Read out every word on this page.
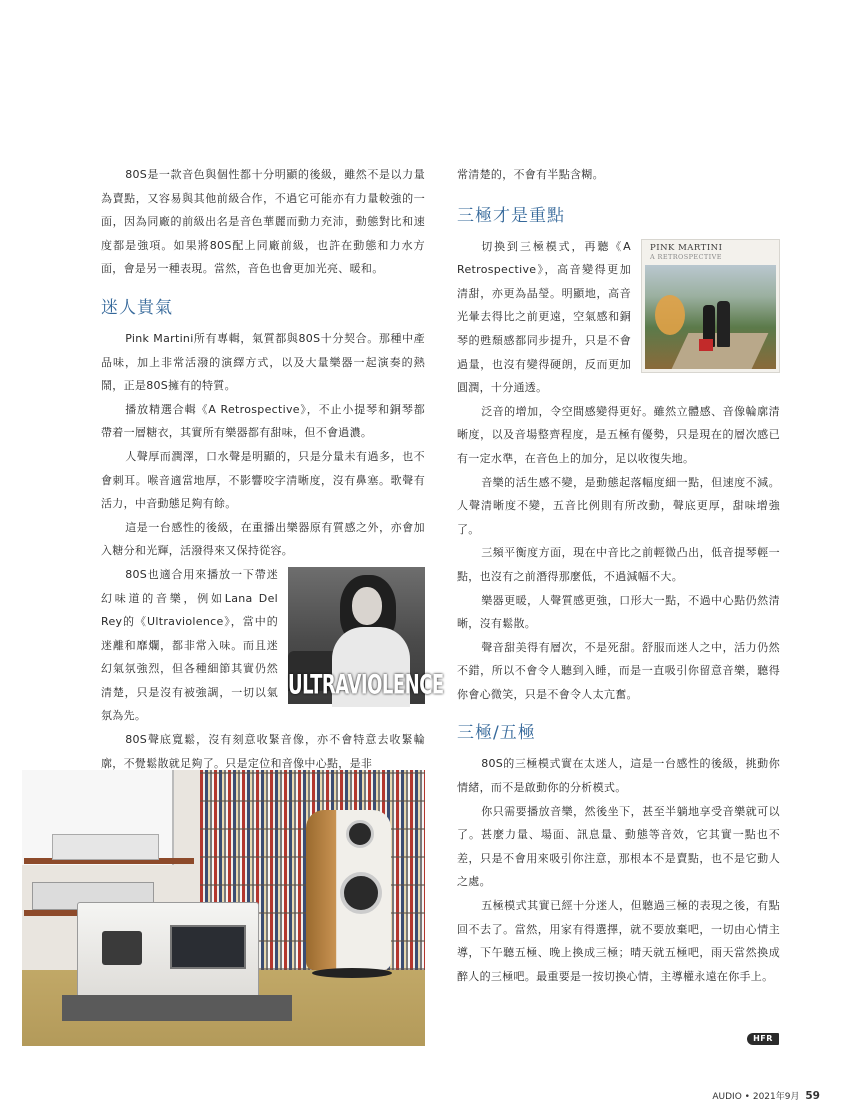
80S是一款音色與個性都十分明顯的後級，雖然不是以力量為賣點，又容易與其他前級合作，不過它可能亦有力量較強的一面，因為同廠的前級出名是音色華麗而動力充沛，動態對比和速度都是強項。如果將80S配上同廠前級，也許在動態和力水方面，會是另一種表現。當然，音色也會更加光亮、暖和。

迷人貴氣

Pink Martini所有專輯，氣質都與80S十分契合。那種中產品味，加上非常活潑的演繹方式，以及大量樂器一起演奏的熱鬧，正是80S擁有的特質。

播放精選合輯《A Retrospective》，不止小提琴和銅琴都帶着一層糖衣，其實所有樂器都有甜味，但不會過濃。

人聲厚而潤澤，口水聲是明顯的，只是分量未有過多，也不會刺耳。喉音適當地厚，不影響咬字清晰度，沒有鼻塞。歌聲有活力，中音動態足夠有餘。

這是一台感性的後級，在重播出樂器原有質感之外，亦會加入糖分和光輝，活潑得來又保持從容。

ULTRAVIOLENCE

80S也適合用來播放一下帶迷幻味道的音樂，例如Lana Del Rey的《Ultraviolence》，當中的迷離和靡爛，都非常入味。而且迷幻氣氛強烈，但各種細節其實仍然清楚，只是沒有被強調，一切以氣氛為先。

80S聲底寬鬆，沒有刻意收緊音像，亦不會特意去收緊輪廓，不覺鬆散就足夠了。只是定位和音像中心點，是非

常清楚的，不會有半點含糊。

三極才是重點
PINK MARTINI
A RETROSPECTIVE

切換到三極模式，再聽《A Retrospective》，高音變得更加清甜，亦更為晶瑩。明顯地，高音光暈去得比之前更遠，空氣感和銅琴的甦頹感都同步提升，只是不會過量，也沒有變得硬朗，反而更加圓潤，十分通透。

泛音的增加，令空間感變得更好。雖然立體感、音像輪廓清晰度，以及音場整齊程度，是五極有優勢，只是現在的層次感已有一定水準，在音色上的加分，足以收復失地。

音樂的活生感不變，是動態起落幅度細一點，但速度不減。人聲清晰度不變，五音比例則有所改動，聲底更厚，甜味增強了。

三頻平衡度方面，現在中音比之前輕微凸出，低音提琴輕一點，也沒有之前潛得那麼低，不過減幅不大。

樂器更暖，人聲質感更強，口形大一點，不過中心點仍然清晰，沒有鬆散。

聲音甜美得有層次，不是死甜。舒服而迷人之中，活力仍然不錯，所以不會令人聽到入睡，而是一直吸引你留意音樂，聽得你會心微笑，只是不會令人太亢奮。

三極/五極

80S的三極模式實在太迷人，這是一台感性的後級，挑動你情緒，而不是啟動你的分析模式。

你只需要播放音樂，然後坐下，甚至半躺地享受音樂就可以了。甚麼力量、場面、訊息量、動態等音效，它其實一點也不差，只是不會用來吸引你注意，那根本不是賣點，也不是它動人之處。

五極模式其實已經十分迷人，但聽過三極的表現之後，有點回不去了。當然，用家有得選擇，就不要放棄吧，一切由心情主導，下午聽五極、晚上換成三極；晴天就五極吧，雨天當然換成醉人的三極吧。最重要是一按切換心情，主導權永遠在你手上。

HFR
AUDIO • 2021年9月 59
